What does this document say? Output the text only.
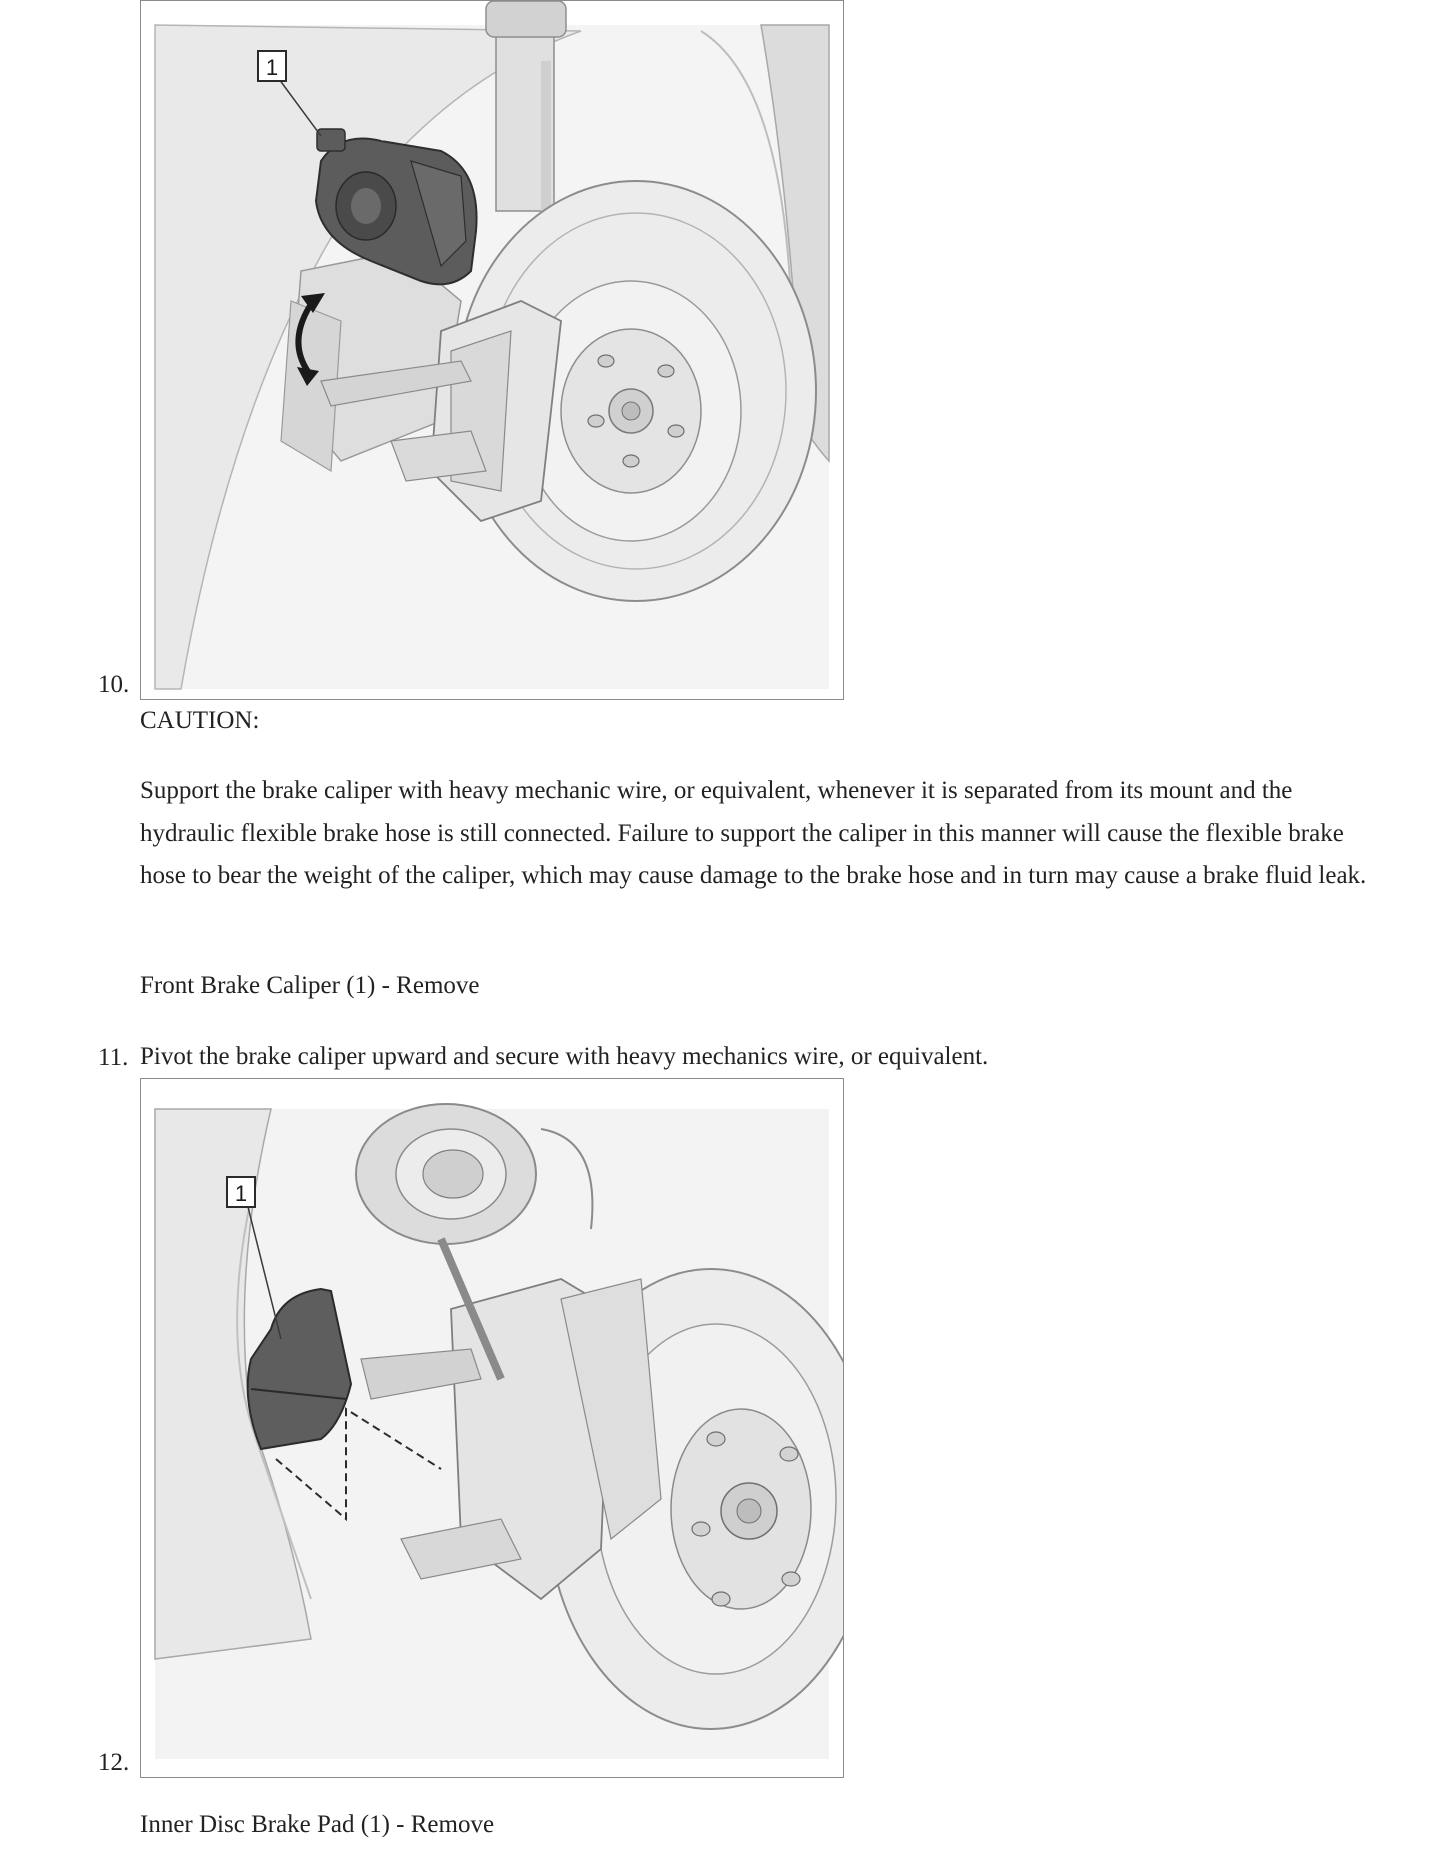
1
10.
CAUTION:
Support the brake caliper with heavy mechanic wire, or equivalent, whenever it is separated from its mount and the hydraulic flexible brake hose is still connected. Failure to support the caliper in this manner will cause the flexible brake hose to bear the weight of the caliper, which may cause damage to the brake hose and in turn may cause a brake fluid leak.
Front Brake Caliper (1) - Remove
11. Pivot the brake caliper upward and secure with heavy mechanics wire, or equivalent.
1
12.
Inner Disc Brake Pad (1) - Remove
